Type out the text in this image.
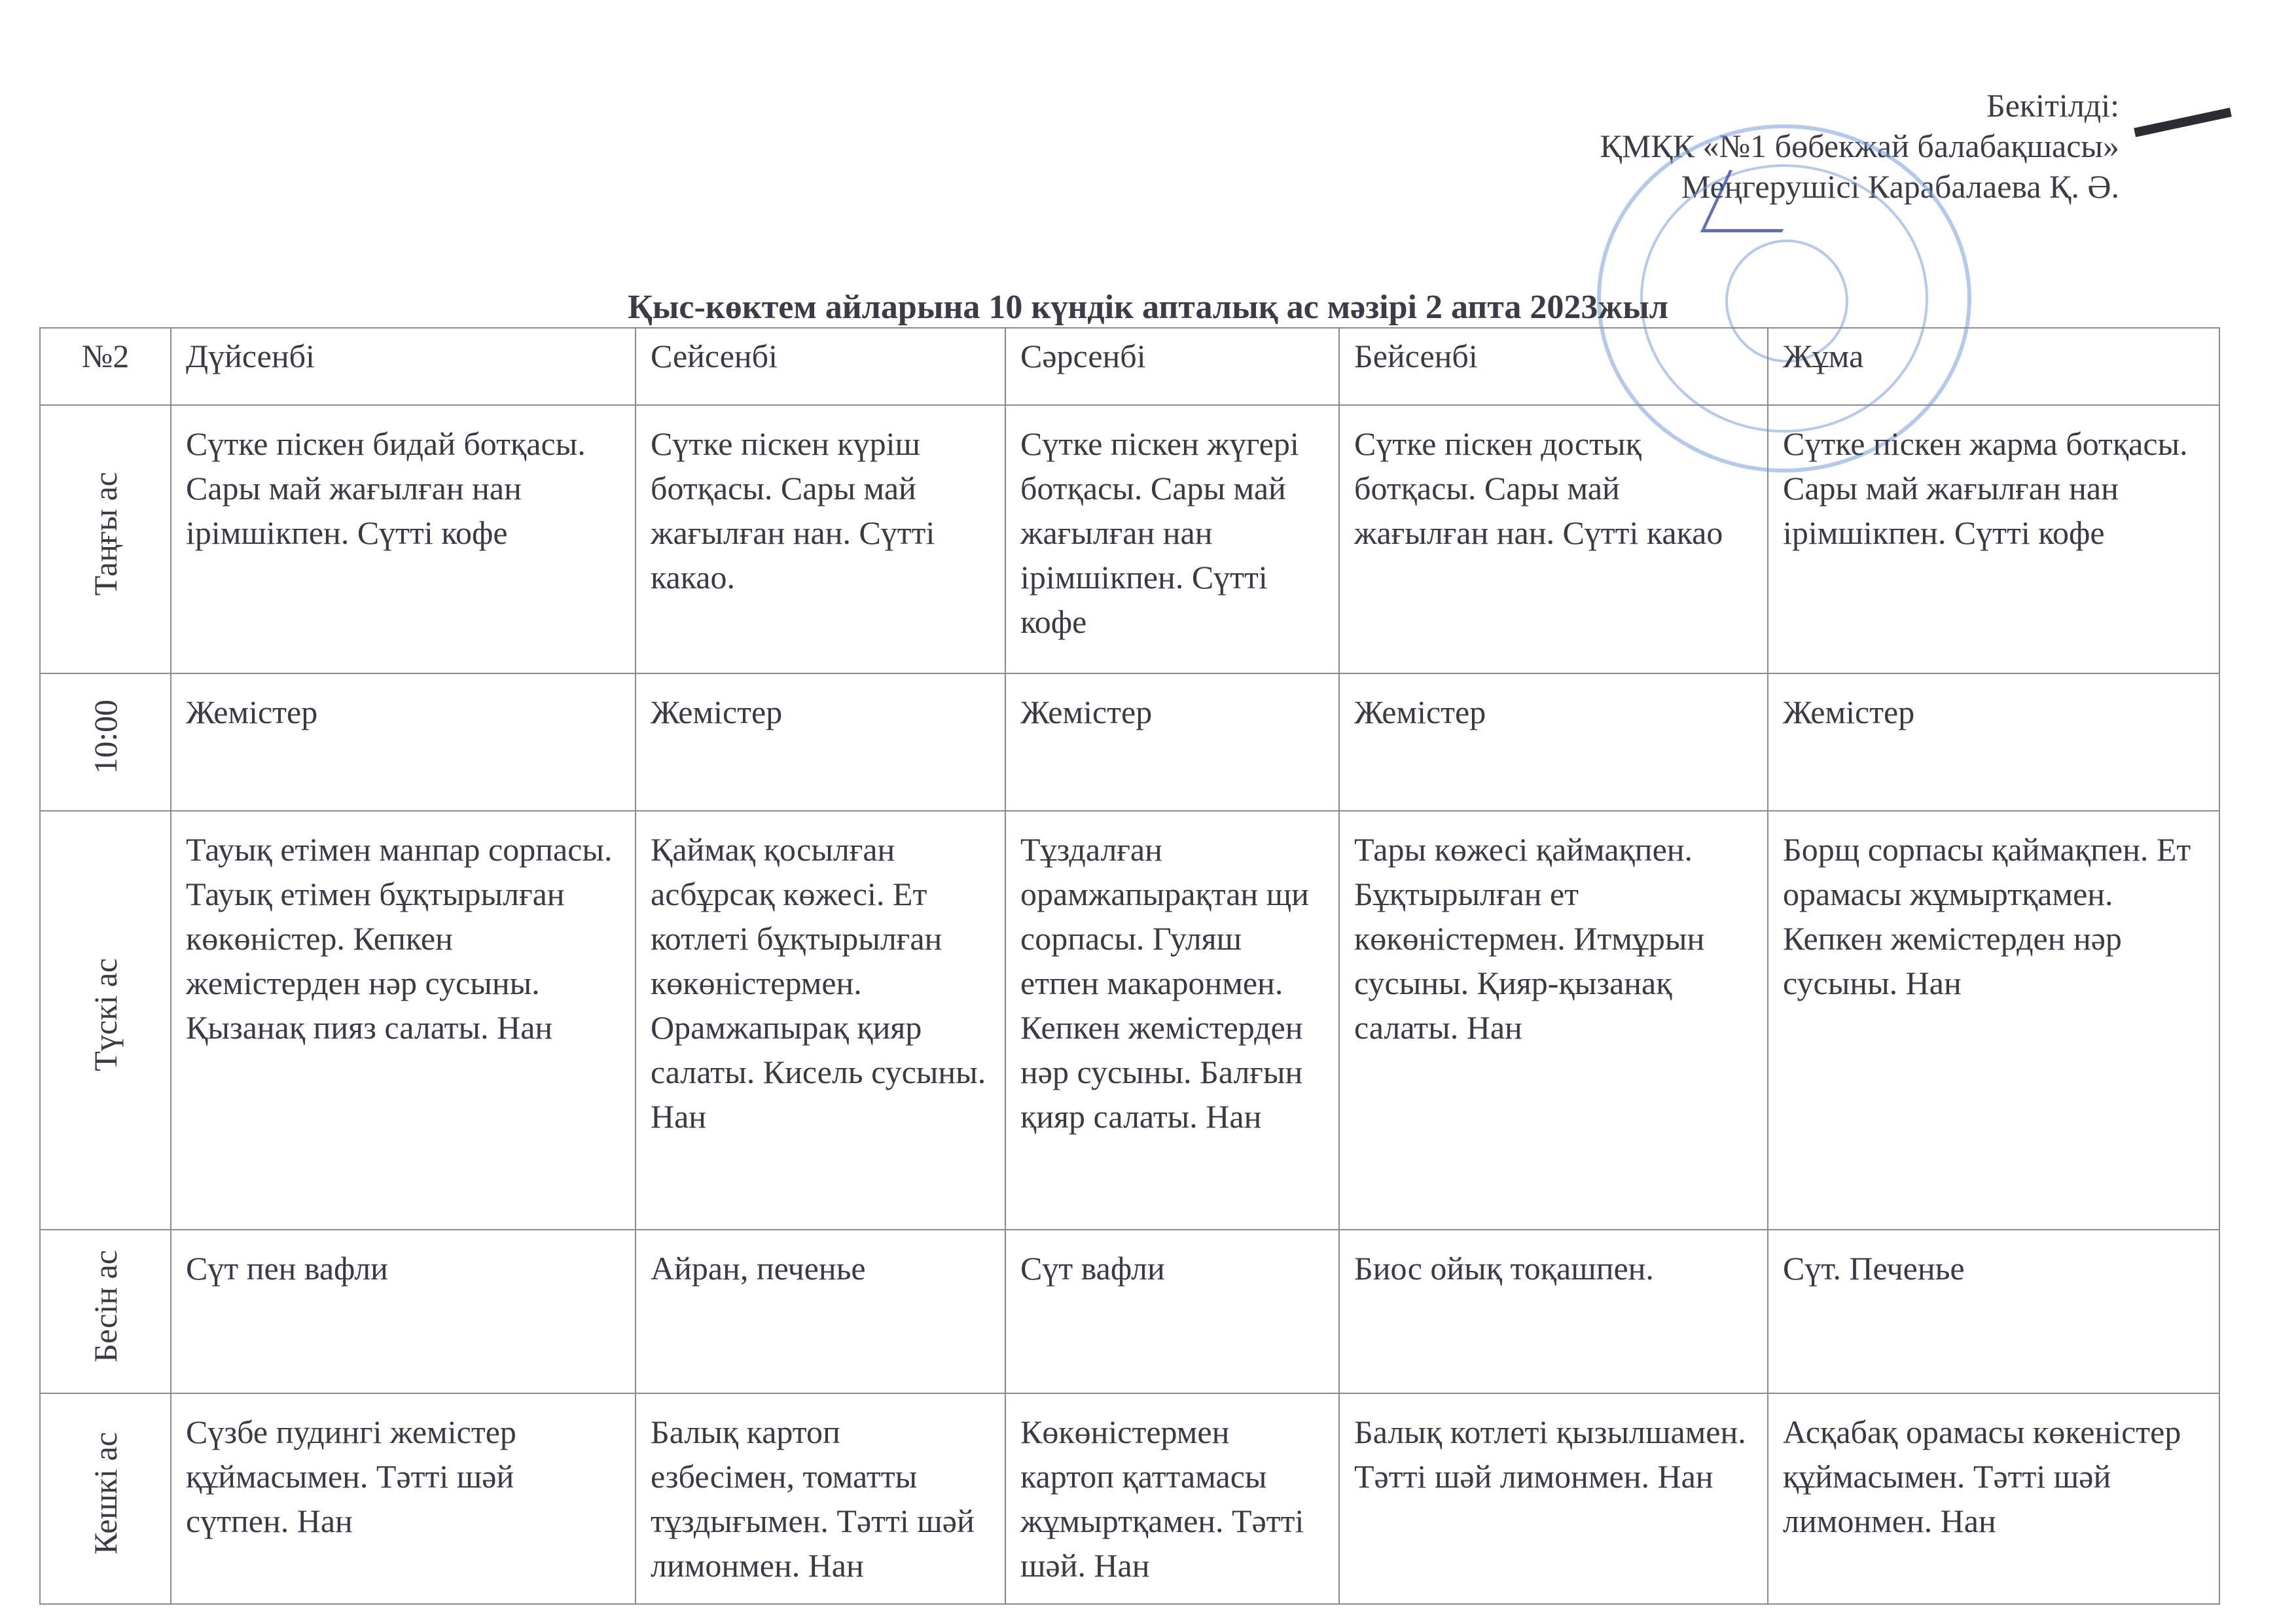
Бекітілді:
ҚМҚК «№1 бөбекжай балабақшасы»
Меңгерушісі Карабалаева Қ. Ә.
Қыс-көктем айларына 10 күндік апталық ас мәзірі 2 апта 2023жыл
№2	Дүйсенбі	Сейсенбі	Сәрсенбі	Бейсенбі	Жұма
Таңғы ас	Сүтке піскен бидай ботқасы. Сары май жағылған нан ірімшікпен. Сүтті кофе	Сүтке піскен күріш ботқасы. Сары май жағылған нан. Сүтті какао.	Сүтке піскен жүгері ботқасы. Сары май жағылған нан ірімшікпен. Сүтті кофе	Сүтке піскен достық ботқасы. Сары май жағылған нан. Сүтті какао	Сүтке піскен жарма ботқасы. Сары май жағылған нан ірімшікпен. Сүтті кофе
10:00	Жемістер	Жемістер	Жемістер	Жемістер	Жемістер
Түскі ас	Тауық етімен манпар сорпасы. Тауық етімен бұқтырылған көкөністер. Кепкен жемістерден нәр сусыны. Қызанақ пияз салаты. Нан	Қаймақ қосылған асбұрсақ көжесі. Ет котлеті бұқтырылған көкөністермен. Орамжапырақ қияр салаты. Кисель сусыны. Нан	Тұздалған орамжапырақтан щи сорпасы. Гуляш етпен макаронмен. Кепкен жемістерден нәр сусыны. Балғын қияр салаты. Нан	Тары көжесі қаймақпен. Бұқтырылған ет көкөністермен. Итмұрын сусыны. Қияр-қызанақ салаты. Нан	Борщ сорпасы қаймақпен. Ет орамасы жұмыртқамен. Кепкен жемістерден нәр сусыны. Нан
Бесін ас	Сүт пен вафли	Айран, печенье	Сүт вафли	Биос ойық тоқашпен.	Сүт. Печенье
Кешкі ас	Сүзбе пудингі жемістер құймасымен. Тәтті шәй сүтпен. Нан	Балық картоп езбесімен, томатты тұздығымен. Тәтті шәй лимонмен. Нан	Көкөністермен картоп қаттамасы жұмыртқамен. Тәтті шәй. Нан	Балық котлеті қызылшамен. Тәтті шәй лимонмен. Нан	Асқабақ орамасы көкеністер құймасымен. Тәтті шәй лимонмен. Нан
